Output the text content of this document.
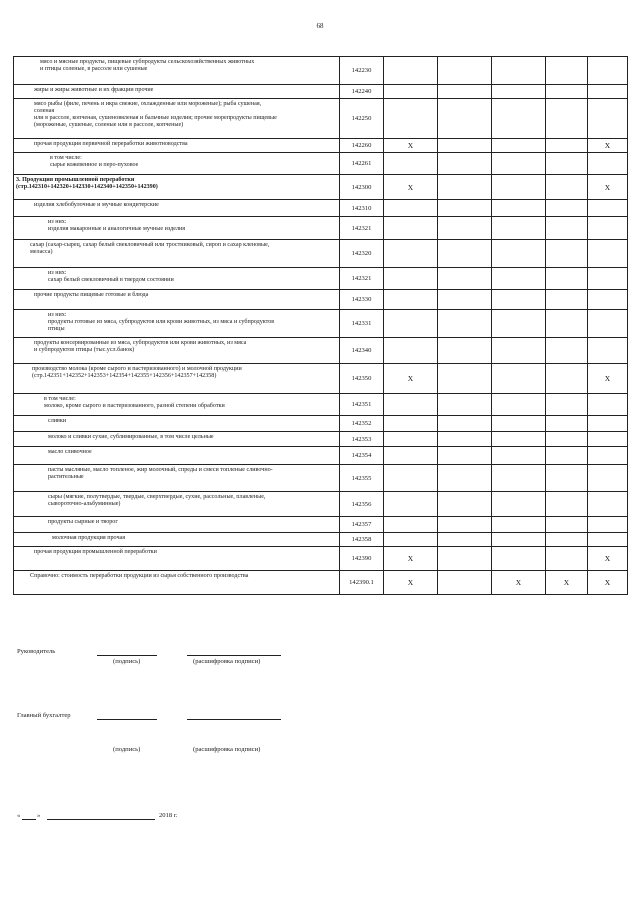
68
мясо и мясные продукты, пищевые субпродукты сельскохозяйственных животных
и птицы соленые, в рассоле или сушеные	142230					

жиры и жиры животные и их фракции прочие	142240					

мясо рыбы (филе, печень и икра свежие, охлажденные или мороженые); рыба сушеная,
соленая
или в рассоле, копченая, сушеновяленая и бальчные изделия; прочие морепродукты пищевые
(мороженые, сушеные, соленые или в рассоле, копченые)	142250					

прочая продукция первичной переработки животноводства	142260	X				X

в том числе:
сырье кожевенное и перо-пуховое	142261					

3. Продукция промышленной переработки
(стр.142310+142320+142330+142340+142350+142390)	142300	X				X

изделия хлебобулочные и мучные кондитерские	142310					

из них:
изделия макаронные и аналогичные мучные изделия	142321					

сахар (сахар-сырец, сахар белый свекловичный или тростниковый, сироп и сахар кленовые,
меласса)	142320					

из них:
сахар белый свекловичный в твердом состоянии	142321					

прочие продукты пищевые готовые и блюда	142330					

из них:
продукты готовые из мяса, субпродуктов или крови животных, из мяса и субпродуктов
птицы	142331					

продукты консервированные из мяса, субпродуктов или крови животных, из мяса
и субпродуктов птицы (тыс.усл.банок)	142340					

производство молока (кроме сырого и пастеризованного) и молочной продукции
(стр.142351+142352+142353+142354+142355+142356+142357+142358)	142350	X				X

в том числе:
молоко, кроме сырого и пастеризованного, разной степени обработки	142351					

сливки	142352					

молоко и сливки сухие, сублимированные, в том числе цельные	142353					

масло сливочное	142354					

пасты масляные, масло топленое, жир молочный, спреды и смеси топленые сливочно-
растительные	142355					

сыры (мягкие, полутвердые, твердые, сверхтвердые, сухие, рассольные, плавленые,
сывороточно-альбуминные)	142356					

продукты сырные и творог	142357					

молочная продукция прочая	142358					

прочая продукция промышленной переработки	142390	X				X

Справочно: стоимость переработки продукции из сырья собственного производства	142390.1	X		X	X	X
Руководитель
(подпись)	(расшифровка подписи)
Главный бухгалтер
(подпись)	(расшифровка подписи)
«	»	2018 г.
